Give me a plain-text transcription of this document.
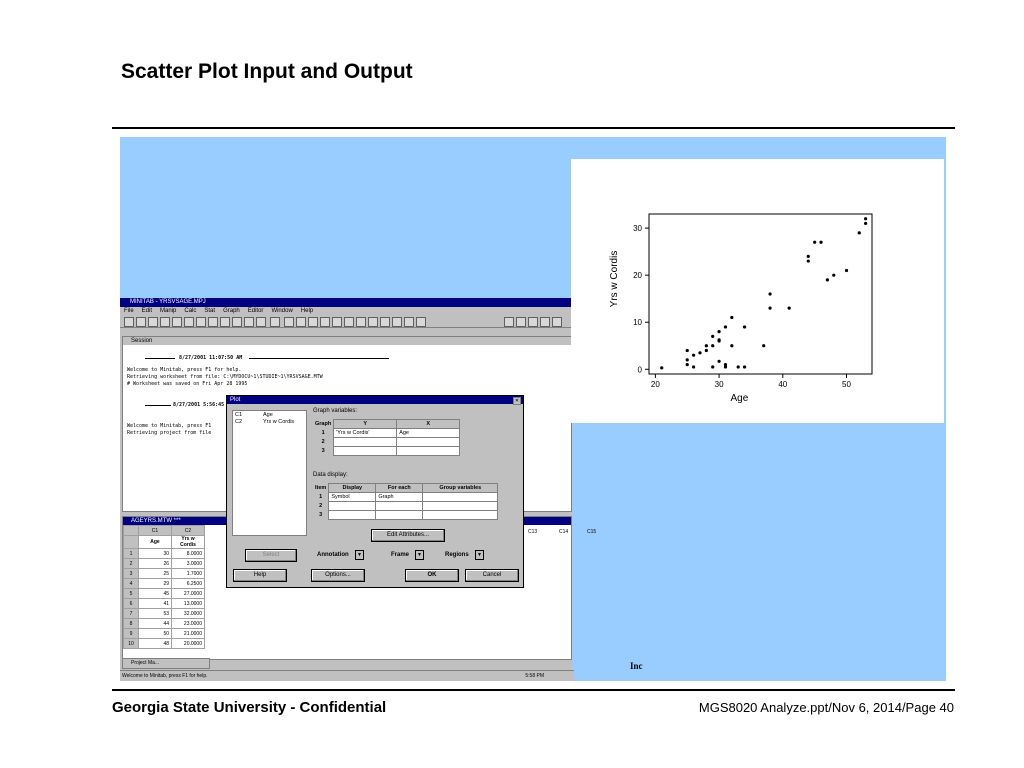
Scatter Plot Input and Output
MINITAB - YRSVSAGE.MPJ
File Edit Manip Calc Stat Graph Editor Window Help
Session
8/27/2001 11:07:50 AM
Welcome to Minitab, press F1 for help.
Retrieving worksheet from file: C:\MYDOCU~1\STUDIE~1\YRSVSAGE.MTW
# Worksheet was saved on Fri Apr 28 1995
8/27/2001 5:56:45
Welcome to Minitab, press F1
Retrieving project from file
AGEYRS.MTW ***
	C1	C2
	Age	Yrs w Cordis
1	30	8.0000
2	26	3.0000
3	25	1.7000
4	29	6.2500
5	45	27.0000
6	41	13.0000
7	53	32.0000
8	44	23.0000
9	50	21.0000
10	48	20.0000
C13	C14	C15
Project Ma...
Welcome to Minitab, press F1 for help.	5:58 PM
Inc
20	30	40	50
0
10
20
30
Age
Yrs w Cordis
Plot	✕
C1	Age
C2	Yrs w Cordis
Graph variables:
Graph	Y	X
1	'Yrs w Cordis'	Age
2		
3		
Data display:
Item	Display	For each	Group variables
1	Symbol	Graph	
2			
3			
Edit Attributes...
Select	Annotation	▼	Frame	▼	Regions	▼
Help	Options...	OK	Cancel
Georgia State University - Confidential	MGS8020 Analyze.ppt/Nov 6, 2014/Page 40
